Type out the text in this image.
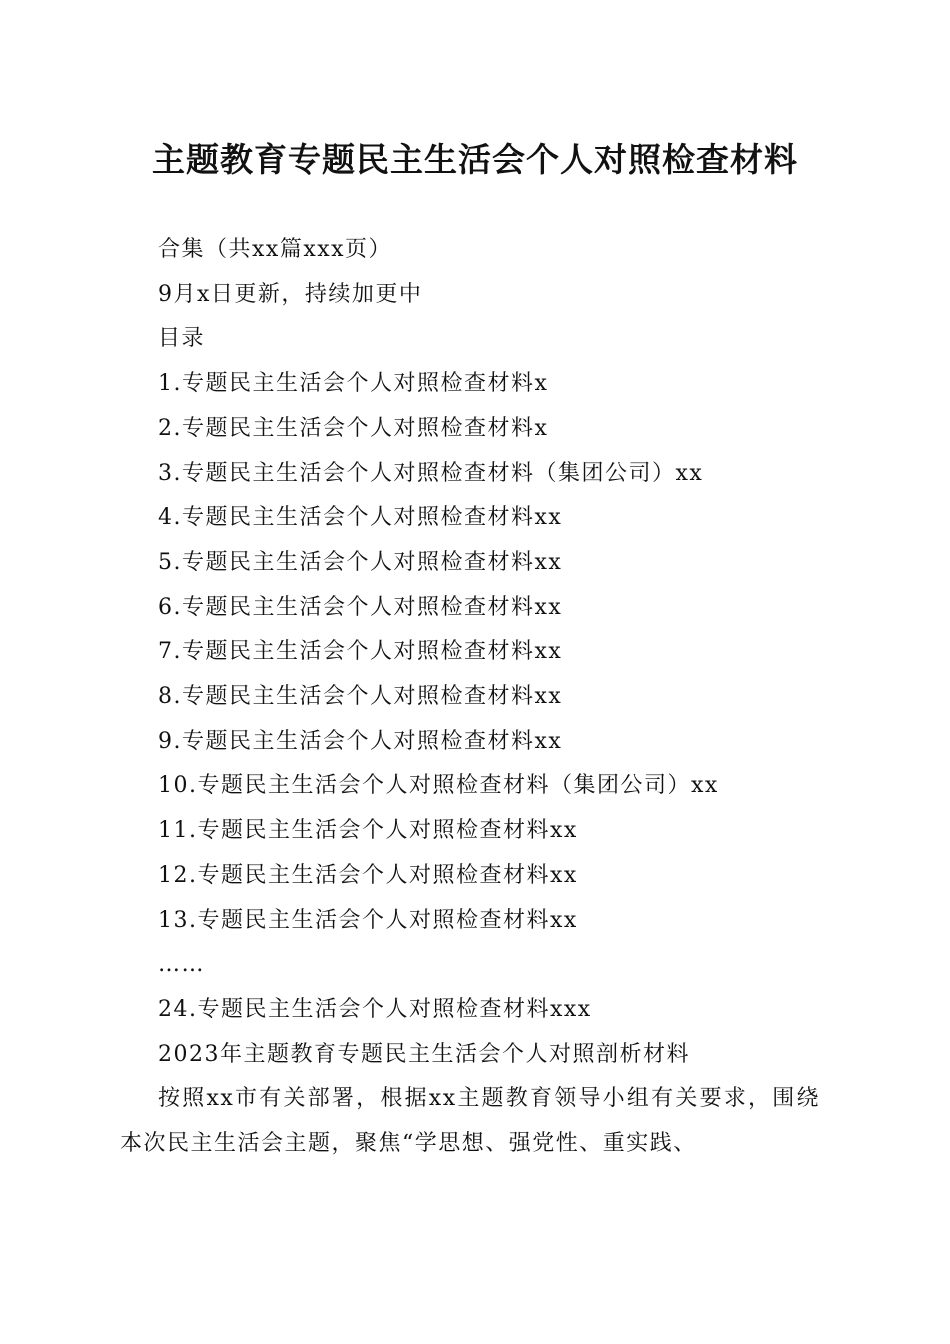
主题教育专题民主生活会个人对照检查材料
合集（共xx篇xxx页）
9月x日更新，持续加更中
目录
1.专题民主生活会个人对照检查材料x
2.专题民主生活会个人对照检查材料x
3.专题民主生活会个人对照检查材料（集团公司）xx
4.专题民主生活会个人对照检查材料xx
5.专题民主生活会个人对照检查材料xx
6.专题民主生活会个人对照检查材料xx
7.专题民主生活会个人对照检查材料xx
8.专题民主生活会个人对照检查材料xx
9.专题民主生活会个人对照检查材料xx
10.专题民主生活会个人对照检查材料（集团公司）xx
11.专题民主生活会个人对照检查材料xx
12.专题民主生活会个人对照检查材料xx
13.专题民主生活会个人对照检查材料xx
……
24.专题民主生活会个人对照检查材料xxx
2023年主题教育专题民主生活会个人对照剖析材料
按照xx市有关部署，根据xx主题教育领导小组有关要求，围绕本次民主生活会主题，聚焦“学思想、强党性、重实践、
